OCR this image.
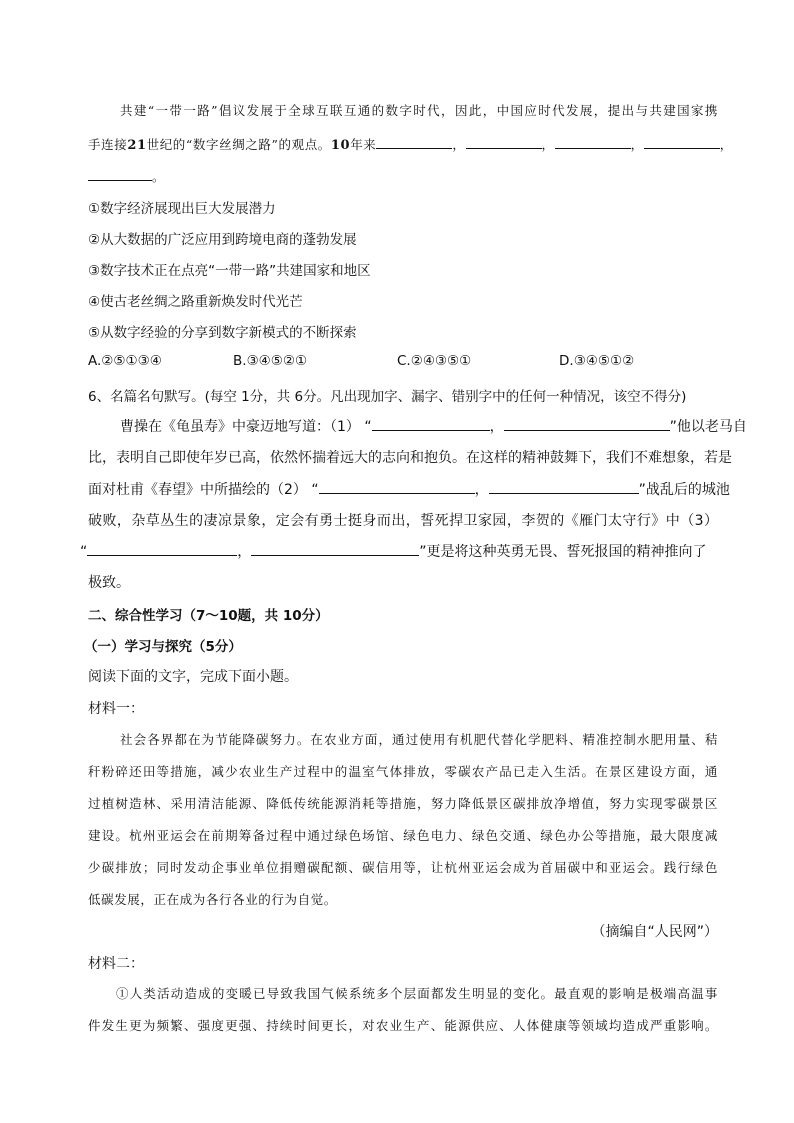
共建“一带一路”倡议发展于全球互联互通的数字时代，因此，中国应时代发展，提出与共建国家携
手连接21世纪的“数字丝绸之路”的观点。10年来	，	，	，	，
。
①数字经济展现出巨大发展潜力
②从大数据的广泛应用到跨境电商的蓬勃发展
③数字技术正在点亮“一带一路”共建国家和地区
④使古老丝绸之路重新焕发时代光芒
⑤从数字经验的分享到数字新模式的不断探索
A.②⑤①③④	B.③④⑤②①	C.②④③⑤①	D.③④⑤①②
6、名篇名句默写。(每空 1分，共 6分。凡出现加字、漏字、错别字中的任何一种情况，该空不得分)
曹操在《龟虽寿》中豪迈地写道：（1） “	，	”他以老马自
比，表明自己即使年岁已高，依然怀揣着远大的志向和抱负。在这样的精神鼓舞下，我们不难想象，若是
面对杜甫《春望》中所描绘的（2） “	，	”战乱后的城池
破败，杂草丛生的凄凉景象，定会有勇士挺身而出，誓死捍卫家园，李贺的《雁门太守行》中（3）
“	，	”更是将这种英勇无畏、誓死报国的精神推向了
极致。
二、综合性学习（7～10题，共 10分）
（一）学习与探究（5分）
阅读下面的文字，完成下面小题。
材料一：
社会各界都在为节能降碳努力。在农业方面，通过使用有机肥代替化学肥料、精准控制水肥用量、秸
秆粉碎还田等措施，减少农业生产过程中的温室气体排放，零碳农产品已走入生活。在景区建设方面，通
过植树造林、采用清洁能源、降低传统能源消耗等措施，努力降低景区碳排放净增值，努力实现零碳景区
建设。杭州亚运会在前期筹备过程中通过绿色场馆、绿色电力、绿色交通、绿色办公等措施，最大限度减
少碳排放；同时发动企事业单位捐赠碳配额、碳信用等，让杭州亚运会成为首届碳中和亚运会。践行绿色
低碳发展，正在成为各行各业的行为自觉。
（摘编自“人民网”）
材料二：
①人类活动造成的变暖已导致我国气候系统多个层面都发生明显的变化。最直观的影响是极端高温事
件发生更为频繁、强度更强、持续时间更长，对农业生产、能源供应、人体健康等领域均造成严重影响。
